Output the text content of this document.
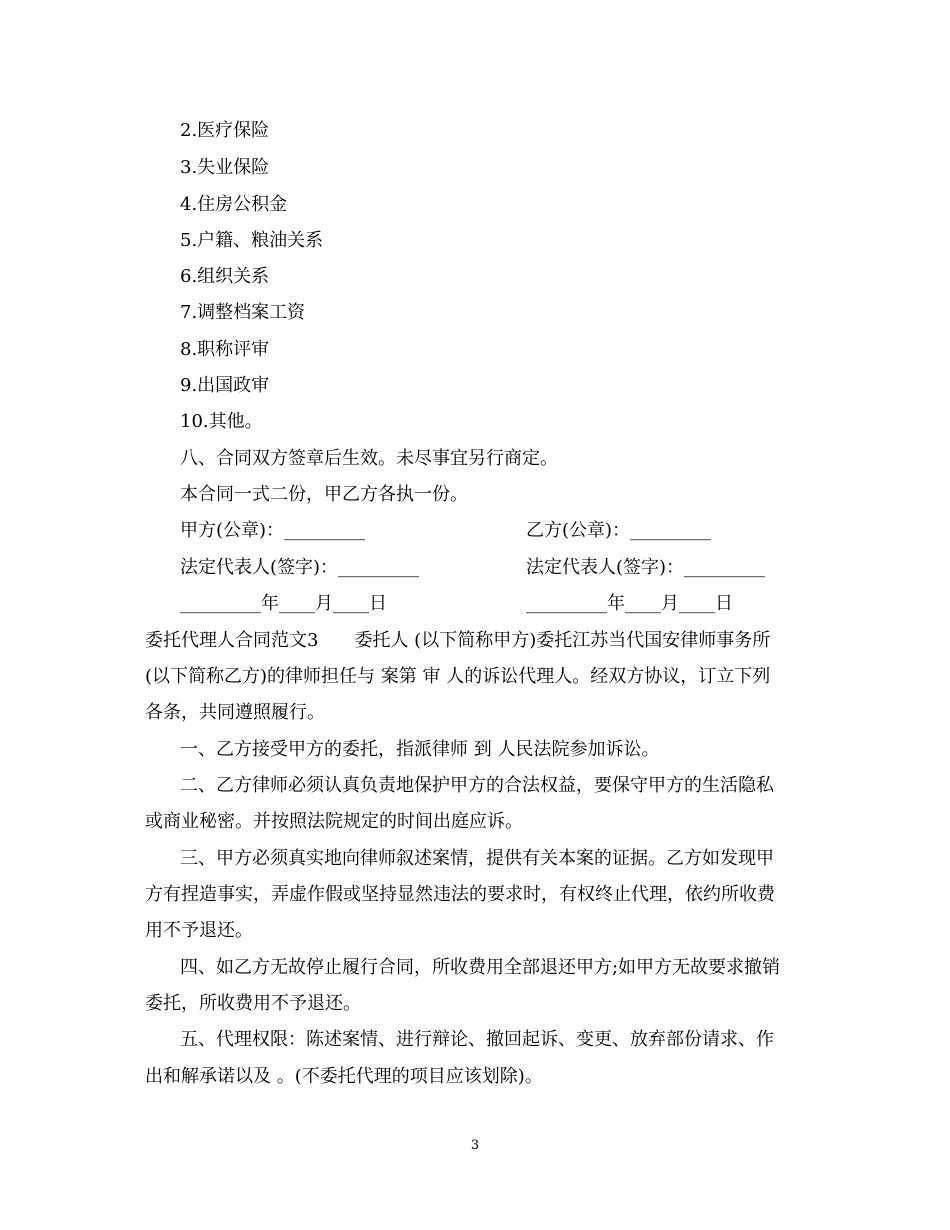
2.医疗保险
3.失业保险
4.住房公积金
5.户籍、粮油关系
6.组织关系
7.调整档案工资
8.职称评审
9.出国政审
10.其他。
八、合同双方签章后生效。未尽事宜另行商定。
本合同一式二份，甲乙方各执一份。
甲方(公章)：_________	乙方(公章)：_________
法定代表人(签字)：_________	法定代表人(签字)：_________
_________年____月____日	_________年____月____日
委托代理人合同范文3　　委托人 (以下简称甲方)委托江苏当代国安律师事务所
(以下简称乙方)的律师担任与 案第 审 人的诉讼代理人。经双方协议，订立下列
各条，共同遵照履行。
一、乙方接受甲方的委托，指派律师 到 人民法院参加诉讼。
二、乙方律师必须认真负责地保护甲方的合法权益，要保守甲方的生活隐私
或商业秘密。并按照法院规定的时间出庭应诉。
三、甲方必须真实地向律师叙述案情，提供有关本案的证据。乙方如发现甲
方有捏造事实，弄虚作假或坚持显然违法的要求时，有权终止代理，依约所收费
用不予退还。
四、如乙方无故停止履行合同，所收费用全部退还甲方;如甲方无故要求撤销
委托，所收费用不予退还。
五、代理权限：陈述案情、进行辩论、撤回起诉、变更、放弃部份请求、作
出和解承诺以及 。(不委托代理的项目应该划除)。
3
